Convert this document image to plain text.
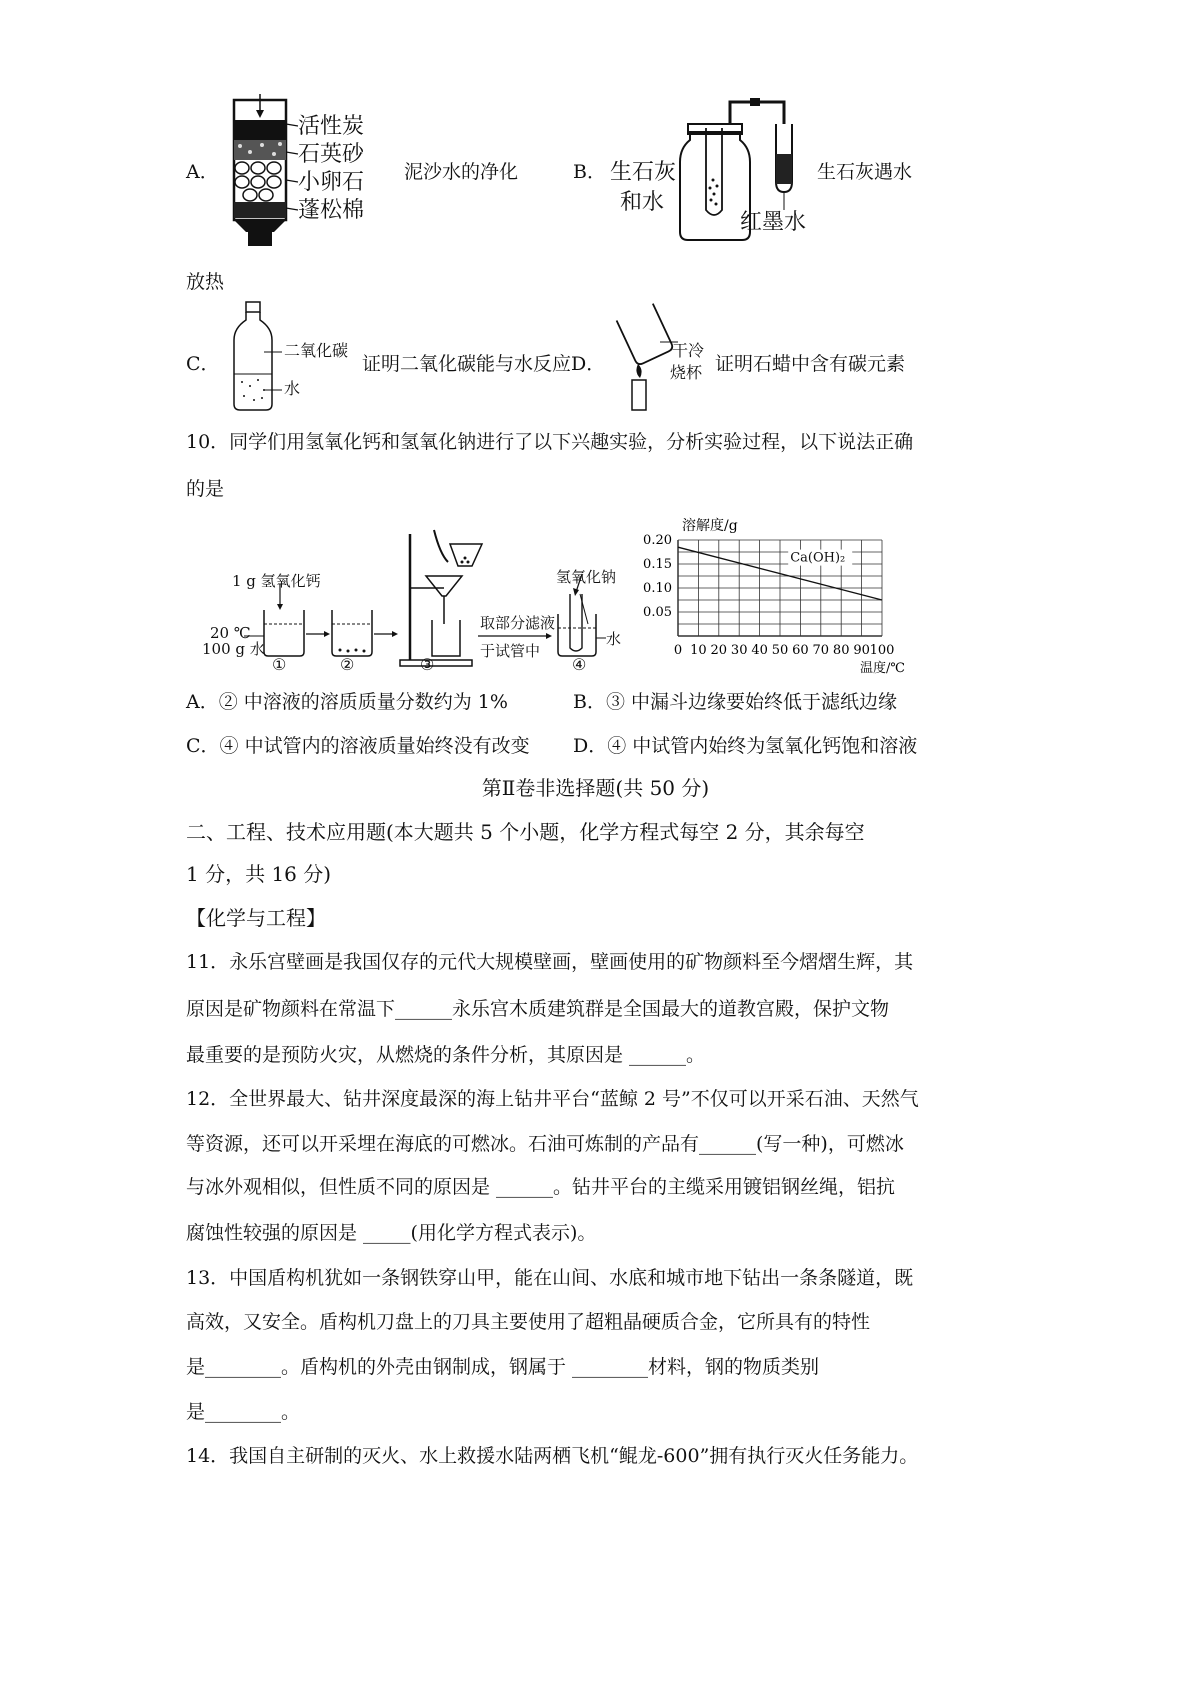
A．
活性炭
石英砂
小卵石
蓬松棉
泥沙水的净化	B． 生石灰
和水
红墨水
生石灰遇水
放热
C．
二氧化碳
水
证明二氧化碳能与水反应D．
干冷
烧杯 证明石蜡中含有碳元素
10．同学们用氢氧化钙和氢氧化钠进行了以下兴趣实验，分析实验过程，以下说法正确
的是
1 g 氢氧化钙
20 ℃
100 g 水
取部分滤液
于试管中
氢氧化钠
水
①	②	③	④
溶解度/g
温度/℃
0 10 20 30 40 50 60 70 80 90 100
0.05
0.10
0.15
0.20
Ca(OH)₂
A．② 中溶液的溶质质量分数约为 1%	B．③ 中漏斗边缘要始终低于滤纸边缘
C．④ 中试管内的溶液质量始终没有改变 D．④ 中试管内始终为氢氧化钙饱和溶液
第Ⅱ卷非选择题(共 50 分)
二、工程、技术应用题(本大题共 5 个小题，化学方程式每空 2 分，其余每空
1 分，共 16 分)
【化学与工程】
11．永乐宫壁画是我国仅存的元代大规模壁画，壁画使用的矿物颜料至今熠熠生辉，其
原因是矿物颜料在常温下______永乐宫木质建筑群是全国最大的道教宫殿，保护文物
最重要的是预防火灾，从燃烧的条件分析，其原因是 ______。
12．全世界最大、钻井深度最深的海上钻井平台“蓝鲸 2 号”不仅可以开采石油、天然气
等资源，还可以开采埋在海底的可燃冰。石油可炼制的产品有______(写一种)，可燃冰
与冰外观相似，但性质不同的原因是 ______。钻井平台的主缆采用镀铝钢丝绳，铝抗
腐蚀性较强的原因是 _____(用化学方程式表示)。
13．中国盾构机犹如一条钢铁穿山甲，能在山间、水底和城市地下钻出一条条隧道，既
高效，又安全。盾构机刀盘上的刀具主要使用了超粗晶硬质合金，它所具有的特性
是________。盾构机的外壳由钢制成，钢属于 ________材料，钢的物质类别
是________。
14．我国自主研制的灭火、水上救援水陆两栖飞机“鲲龙-600”拥有执行灭火任务能力。
